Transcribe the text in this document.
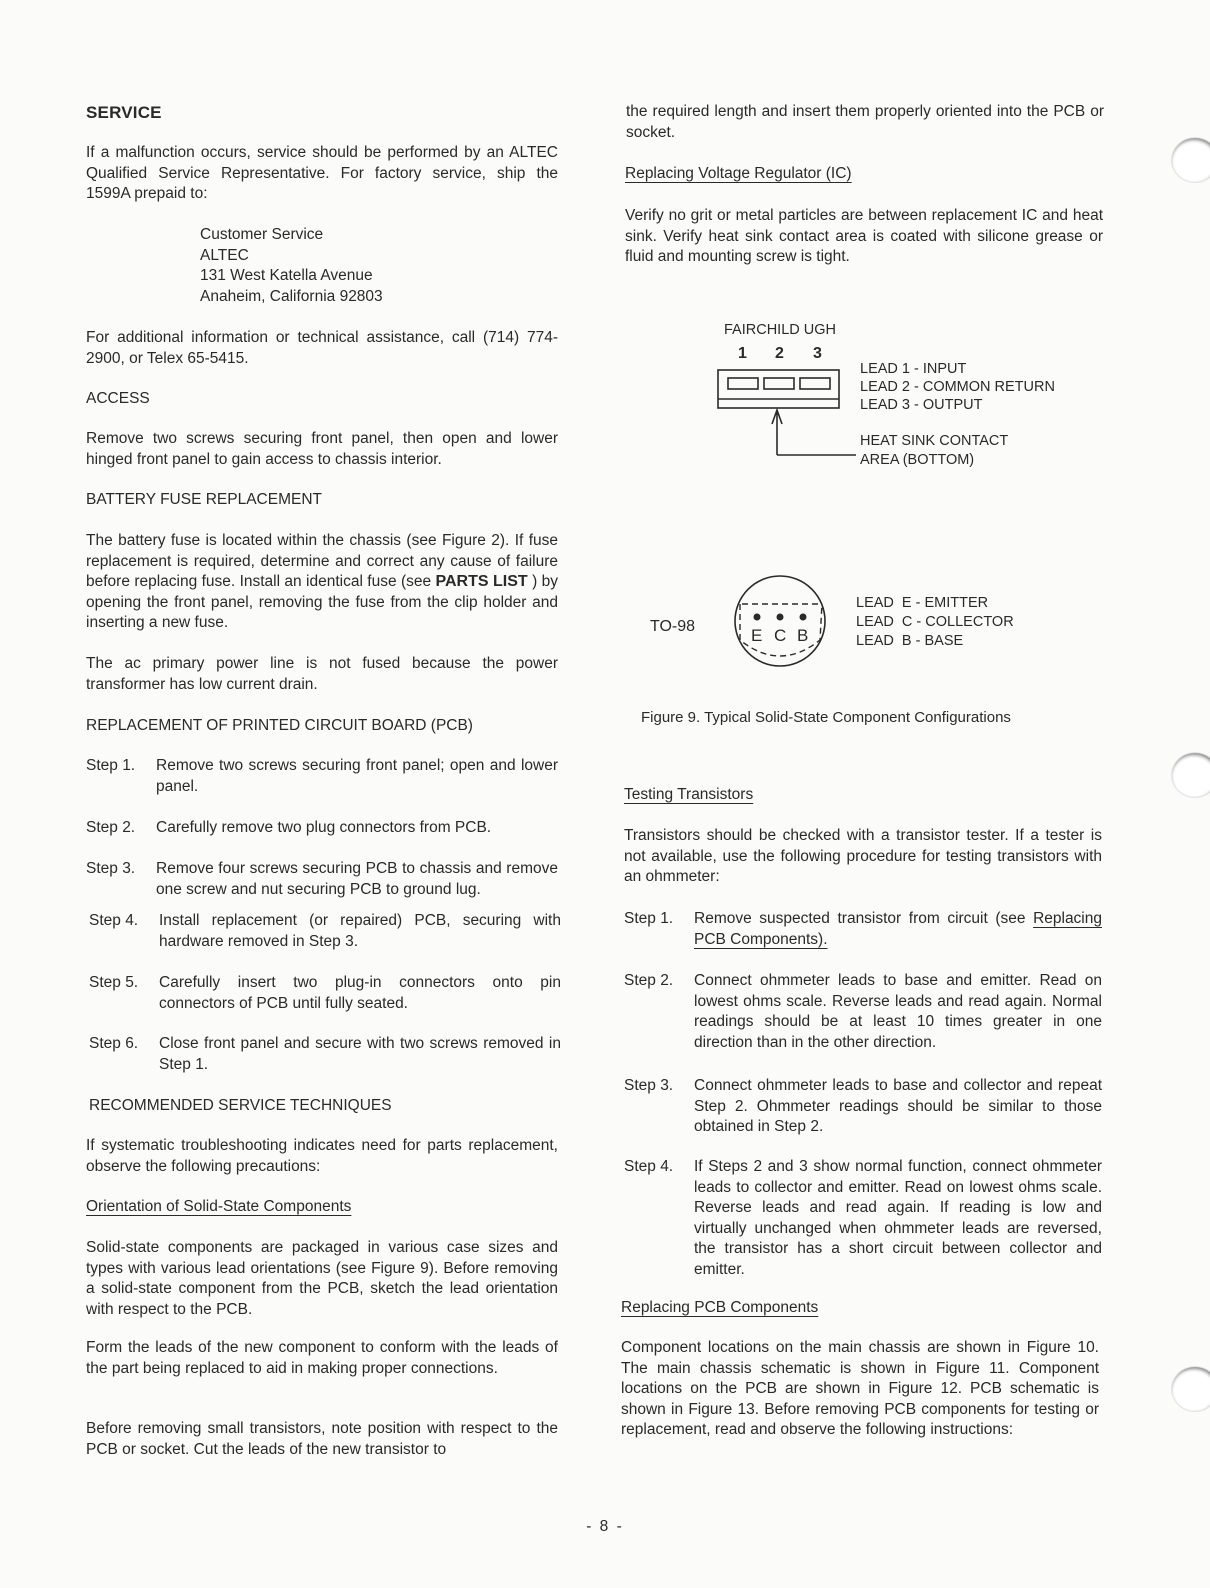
SERVICE
If a malfunction occurs, service should be performed by an ALTEC Qualified Service Representative. For factory service, ship the 1599A prepaid to:
Customer Service
ALTEC
131 West Katella Avenue
Anaheim, California 92803
For additional information or technical assistance, call (714) 774-2900, or Telex 65-5415.
ACCESS
Remove two screws securing front panel, then open and lower hinged front panel to gain access to chassis interior.
BATTERY FUSE REPLACEMENT
The battery fuse is located within the chassis (see Figure 2). If fuse replacement is required, determine and correct any cause of failure before replacing fuse. Install an identical fuse (see PARTS LIST ) by opening the front panel, removing the fuse from the clip holder and inserting a new fuse.
The ac primary power line is not fused because the power transformer has low current drain.
REPLACEMENT OF PRINTED CIRCUIT BOARD (PCB)
Step 1. Remove two screws securing front panel; open and lower panel.
Step 2. Carefully remove two plug connectors from PCB.
Step 3. Remove four screws securing PCB to chassis and remove one screw and nut securing PCB to ground lug.
Step 4. Install replacement (or repaired) PCB, securing with hardware removed in Step 3.
Step 5. Carefully insert two plug-in connectors onto pin connectors of PCB until fully seated.
Step 6. Close front panel and secure with two screws removed in Step 1.
RECOMMENDED SERVICE TECHNIQUES
If systematic troubleshooting indicates need for parts replacement, observe the following precautions:
Orientation of Solid-State Components
Solid-state components are packaged in various case sizes and types with various lead orientations (see Figure 9). Before removing a solid-state component from the PCB, sketch the lead orientation with respect to the PCB.
Form the leads of the new component to conform with the leads of the part being replaced to aid in making proper connections.
Before removing small transistors, note position with respect to the PCB or socket. Cut the leads of the new transistor to
the required length and insert them properly oriented into the PCB or socket.
Replacing Voltage Regulator (IC)
Verify no grit or metal particles are between replacement IC and heat sink. Verify heat sink contact area is coated with silicone grease or fluid and mounting screw is tight.
FAIRCHILD UGH
1 2 3
LEAD 1 - INPUT
LEAD 2 - COMMON RETURN
LEAD 3 - OUTPUT
HEAT SINK CONTACT
AREA (BOTTOM)
TO-98	E C B
LEAD  E - EMITTER
LEAD  C - COLLECTOR
LEAD  B - BASE
Figure 9. Typical Solid-State Component Configurations
Testing Transistors
Transistors should be checked with a transistor tester. If a tester is not available, use the following procedure for testing transistors with an ohmmeter:
Step 1. Remove suspected transistor from circuit (see Replacing PCB Components).
Step 2. Connect ohmmeter leads to base and emitter. Read on lowest ohms scale. Reverse leads and read again. Normal readings should be at least 10 times greater in one direction than in the other direction.
Step 3. Connect ohmmeter leads to base and collector and repeat Step 2. Ohmmeter readings should be similar to those obtained in Step 2.
Step 4. If Steps 2 and 3 show normal function, connect ohmmeter leads to collector and emitter. Read on lowest ohms scale. Reverse leads and read again. If reading is low and virtually unchanged when ohmmeter leads are reversed, the transistor has a short circuit between collector and emitter.
Replacing PCB Components
Component locations on the main chassis are shown in Figure 10. The main chassis schematic is shown in Figure 11. Component locations on the PCB are shown in Figure 12. PCB schematic is shown in Figure 13. Before removing PCB components for testing or replacement, read and observe the following instructions:
- 8 -
